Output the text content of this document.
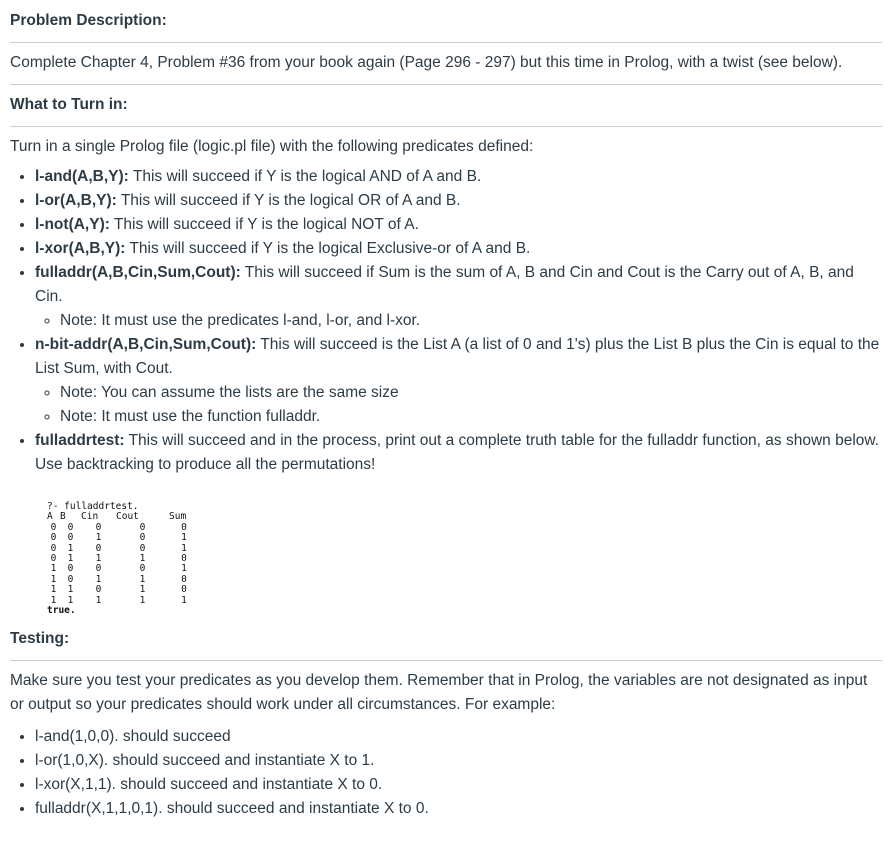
Problem Description:

Complete Chapter 4, Problem #36 from your book again (Page 296 - 297) but this time in Prolog, with a twist (see below).

What to Turn in:

Turn in a single Prolog file (logic.pl file) with the following predicates defined:

• l-and(A,B,Y): This will succeed if Y is the logical AND of A and B.
• l-or(A,B,Y): This will succeed if Y is the logical OR of A and B.
• l-not(A,Y): This will succeed if Y is the logical NOT of A.
• l-xor(A,B,Y): This will succeed if Y is the logical Exclusive-or of A and B.
• fulladdr(A,B,Cin,Sum,Cout): This will succeed if Sum is the sum of A, B and Cin and Cout is the Carry out of A, B, and Cin.
◦ Note: It must use the predicates l-and, l-or, and l-xor.
• n-bit-addr(A,B,Cin,Sum,Cout): This will succeed is the List A (a list of 0 and 1's) plus the List B plus the Cin is equal to the List Sum, with Cout.
◦ Note: You can assume the lists are the same size
◦ Note: It must use the function fulladdr.
• fulladdrtest: This will succeed and in the process, print out a complete truth table for the fulladdr function, as shown below. Use backtracking to produce all the permutations!
?- fulladdrtest.
A B	Cin	Cout	Sum
0	0	0	0	0
0	0	1	0	1
0	1	0	0	1
0	1	1	1	0
1	0	0	0	1
1	0	1	1	0
1	1	0	1	0
1	1	1	1	1
true.

Testing:

Make sure you test your predicates as you develop them. Remember that in Prolog, the variables are not designated as input or output so your predicates should work under all circumstances. For example:

• l-and(1,0,0). should succeed
• l-or(1,0,X). should succeed and instantiate X to 1.
• l-xor(X,1,1). should succeed and instantiate X to 0.
• fulladdr(X,1,1,0,1). should succeed and instantiate X to 0.
